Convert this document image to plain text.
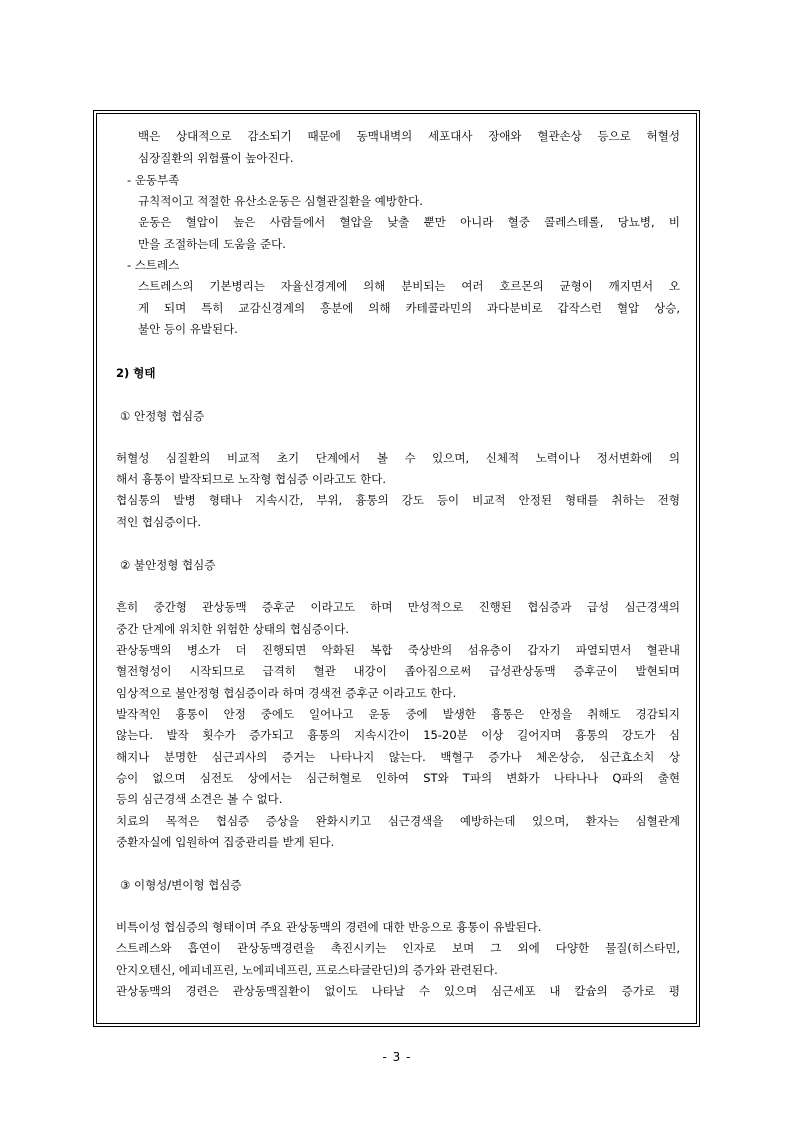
백은 상대적으로 감소되기 때문에 동맥내벽의 세포대사 장애와 혈관손상 등으로 허혈성
심장질환의 위험률이 높아진다.
- 운동부족
규칙적이고 적절한 유산소운동은 심혈관질환을 예방한다.
운동은 혈압이 높은 사람들에서 혈압을 낮출 뿐만 아니라 혈중 콜레스테롤, 당뇨병, 비
만을 조절하는데 도움을 준다.
- 스트레스
스트레스의 기본병리는 자율신경계에 의해 분비되는 여러 호르몬의 균형이 깨지면서 오
게 되며 특히 교감신경계의 흥분에 의해 카테콜라민의 과다분비로 갑작스런 혈압 상승,
불안 등이 유발된다.
2) 형태
① 안정형 협심증
허혈성 심질환의 비교적 초기 단계에서 볼 수 있으며, 신체적 노력이나 정서변화에 의
해서 흉통이 발작되므로 노작형 협심증 이라고도 한다.
협심통의 발병 형태나 지속시간, 부위, 흉통의 강도 등이 비교적 안정된 형태를 취하는 전형
적인 협심증이다.
② 불안정형 협심증
흔히 중간형 관상동맥 증후군 이라고도 하며 만성적으로 진행된 협심증과 급성 심근경색의
중간 단계에 위치한 위험한 상태의 협심증이다.
관상동맥의 병소가 더 진행되면 악화된 복합 죽상반의 섬유층이 갑자기 파열되면서 혈관내
혈전형성이 시작되므로 급격히 혈관 내강이 좁아짐으로써 급성관상동맥 증후군이 발현되며
임상적으로 불안정형 협심증이라 하며 경색전 증후군 이라고도 한다.
발작적인 흉통이 안정 중에도 일어나고 운동 중에 발생한 흉통은 안정을 취해도 경감되지
않는다. 발작 횟수가 증가되고 흉통의 지속시간이 15-20분 이상 길어지며 흉통의 강도가 심
해지나 분명한 심근괴사의 증거는 나타나지 않는다. 백혈구 증가나 체온상승, 심근효소치 상
승이 없으며 심전도 상에서는 심근허혈로 인하여 ST와 T파의 변화가 나타나나 Q파의 출현
등의 심근경색 소견은 볼 수 없다.
치료의 목적은 협심증 증상을 완화시키고 심근경색을 예방하는데 있으며, 환자는 심혈관계
중환자실에 입원하여 집중관리를 받게 된다.
③ 이형성/변이형 협심증
비특이성 협심증의 형태이며 주요 관상동맥의 경련에 대한 반응으로 흉통이 유발된다.
스트레스와 흡연이 관상동맥경련을 촉진시키는 인자로 보며 그 외에 다양한 물질(히스타민,
안지오텐신, 에피네프린, 노에피네프린, 프로스타글란딘)의 증가와 관련된다.
관상동맥의 경련은 관상동맥질환이 없이도 나타날 수 있으며 심근세포 내 칼슘의 증가로 평
- 3 -
